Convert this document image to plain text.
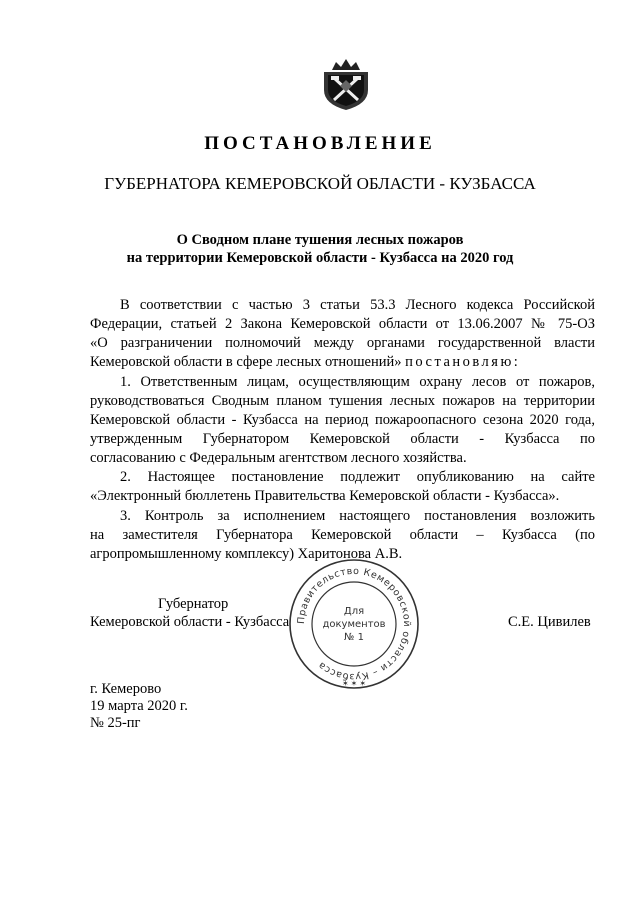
ПОСТАНОВЛЕНИЕ
ГУБЕРНАТОРА КЕМЕРОВСКОЙ ОБЛАСТИ - КУЗБАССА
О Сводном плане тушения лесных пожаров
на территории Кемеровской области - Кузбасса на 2020 год
В соответствии с частью 3 статьи 53.3 Лесного кодекса Российской
Федерации, статьей 2 Закона Кемеровской области от 13.06.2007 № 75-ОЗ
«О разграничении полномочий между органами государственной власти
Кемеровской области в сфере лесных отношений» постановляю:
1. Ответственным лицам, осуществляющим охрану лесов от пожаров,
руководствоваться Сводным планом тушения лесных пожаров на территории
Кемеровской области - Кузбасса на период пожароопасного сезона 2020 года,
утвержденным Губернатором Кемеровской области - Кузбасса по
согласованию с Федеральным агентством лесного хозяйства.
2. Настоящее постановление подлежит опубликованию на сайте
«Электронный бюллетень Правительства Кемеровской области - Кузбасса».
3. Контроль за исполнением настоящего постановления возложить
на заместителя Губернатора Кемеровской области – Кузбасса (по
агропромышленному комплексу) Харитонова А.В.
Правительство Кемеровской области – Кузбасса
Для
документов
№ 1
✶ ✶ ✶
Губернатор
Кемеровской области - Кузбасса	С.Е. Цивилев
г. Кемерово
19 марта 2020 г.
№ 25-пг
